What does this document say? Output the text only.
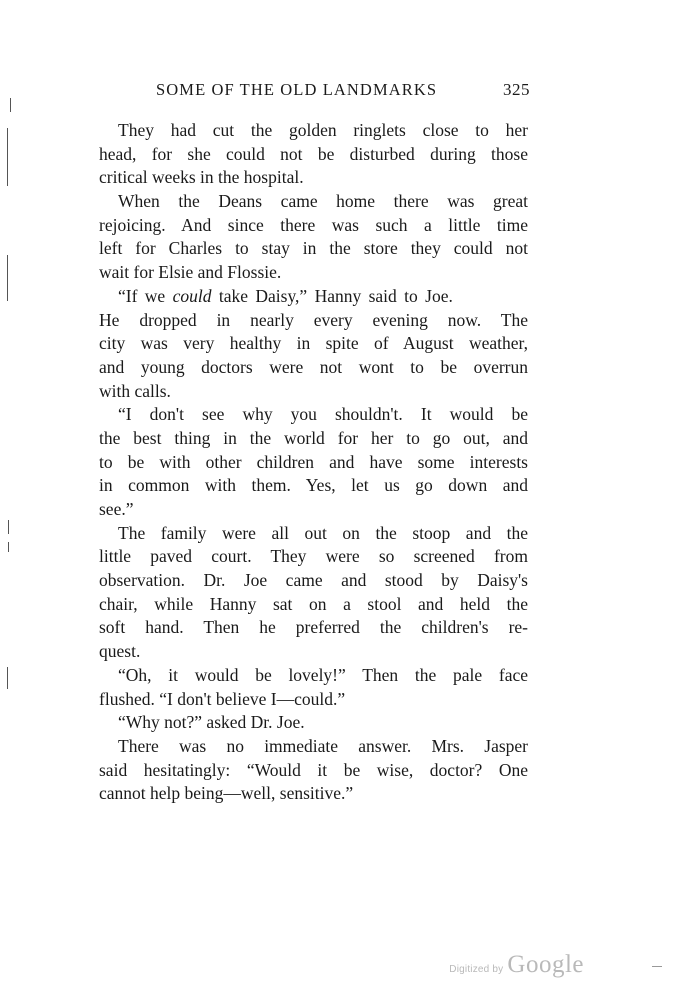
SOME OF THE OLD LANDMARKS	325
They had cut the golden ringlets close to her
head, for she could not be disturbed during those
critical weeks in the hospital.
When the Deans came home there was great
rejoicing. And since there was such a little time
left for Charles to stay in the store they could not
wait for Elsie and Flossie.
“If we could take Daisy,” Hanny said to Joe.
He dropped in nearly every evening now. The
city was very healthy in spite of August weather,
and young doctors were not wont to be overrun
with calls.
“I don't see why you shouldn't. It would be
the best thing in the world for her to go out, and
to be with other children and have some interests
in common with them. Yes, let us go down and
see.”
The family were all out on the stoop and the
little paved court. They were so screened from
observation. Dr. Joe came and stood by Daisy's
chair, while Hanny sat on a stool and held the
soft hand. Then he preferred the children's re-
quest.
“Oh, it would be lovely!” Then the pale face
flushed. “I don't believe I—could.”
“Why not?” asked Dr. Joe.
There was no immediate answer. Mrs. Jasper
said hesitatingly: “Would it be wise, doctor? One
cannot help being—well, sensitive.”
Digitized by Google
